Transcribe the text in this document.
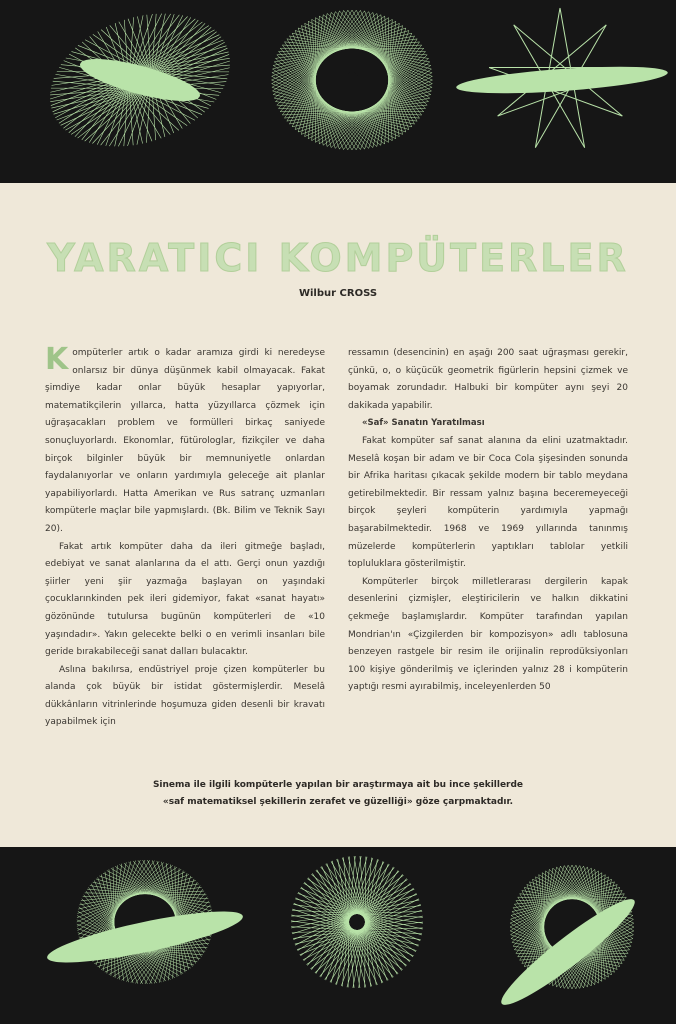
YARATICI KOMPÜTERLER

Wilbur CROSS

Kompüterler artık o kadar aramıza girdi ki neredeyse onlarsız bir dünya düşünmek kabil olmayacak. Fakat şimdiye kadar onlar büyük hesaplar yapıyorlar, matematikçilerin yıllarca, hatta yüzyıllarca çözmek için uğraşacakları problem ve formülleri birkaç saniyede sonuçluyorlardı. Ekonomlar, fütürologlar, fizikçiler ve daha birçok bilginler büyük bir memnuniyetle onlardan faydalanıyorlar ve onların yardımıyla geleceğe ait planlar yapabiliyorlardı. Hatta Amerikan ve Rus satranç uzmanları kompüterle maçlar bile yapmışlardı. (Bk. Bilim ve Teknik Sayı 20).

Fakat artık kompüter daha da ileri gitmeğe başladı, edebiyat ve sanat alanlarına da el attı. Gerçi onun yazdığı şiirler yeni şiir yazmağa başlayan on yaşındaki çocuklarınkinden pek ileri gidemiyor, fakat «sanat hayatı» gözönünde tutulursa bugünün kompüterleri de «10 yaşındadır». Yakın gelecekte belki o en verimli insanları bile geride bırakabileceği sanat dalları bulacaktır.

Aslına bakılırsa, endüstriyel proje çizen kompüterler bu alanda çok büyük bir istidat göstermişlerdir. Meselâ dükkânların vitrinlerinde hoşumuza giden desenli bir kravatı yapabilmek için

ressamın (desencinin) en aşağı 200 saat uğraşması gerekir, çünkü, o, o küçücük geometrik figürlerin hepsini çizmek ve boyamak zorundadır. Halbuki bir kompüter aynı şeyi 20 dakikada yapabilir.

«Saf» Sanatın Yaratılması

Fakat kompüter saf sanat alanına da elini uzatmaktadır. Meselâ koşan bir adam ve bir Coca Cola şişesinden sonunda bir Afrika haritası çıkacak şekilde modern bir tablo meydana getirebilmektedir. Bir ressam yalnız başına beceremeyeceği birçok şeyleri kompüterin yardımıyla yapmağı başarabilmektedir. 1968 ve 1969 yıllarında tanınmış müzelerde kompüterlerin yaptıkları tablolar yetkili topluluklara gösterilmiştir.

Kompüterler birçok milletlerarası dergilerin kapak desenlerini çizmişler, eleştiricilerin ve halkın dikkatini çekmeğe başlamışlardır. Kompüter tarafından yapılan Mondrian'ın «Çizgilerden bir kompozisyon» adlı tablosuna benzeyen rastgele bir resim ile orijinalin reprodüksiyonları 100 kişiye gönderilmiş ve içlerinden yalnız 28 i kompüterin yaptığı resmi ayırabilmiş, inceleyenlerden 50

Sinema ile ilgili kompüterle yapılan bir araştırmaya ait bu ince şekillerde
«saf matematiksel şekillerin zerafet ve güzelliği» göze çarpmaktadır.
